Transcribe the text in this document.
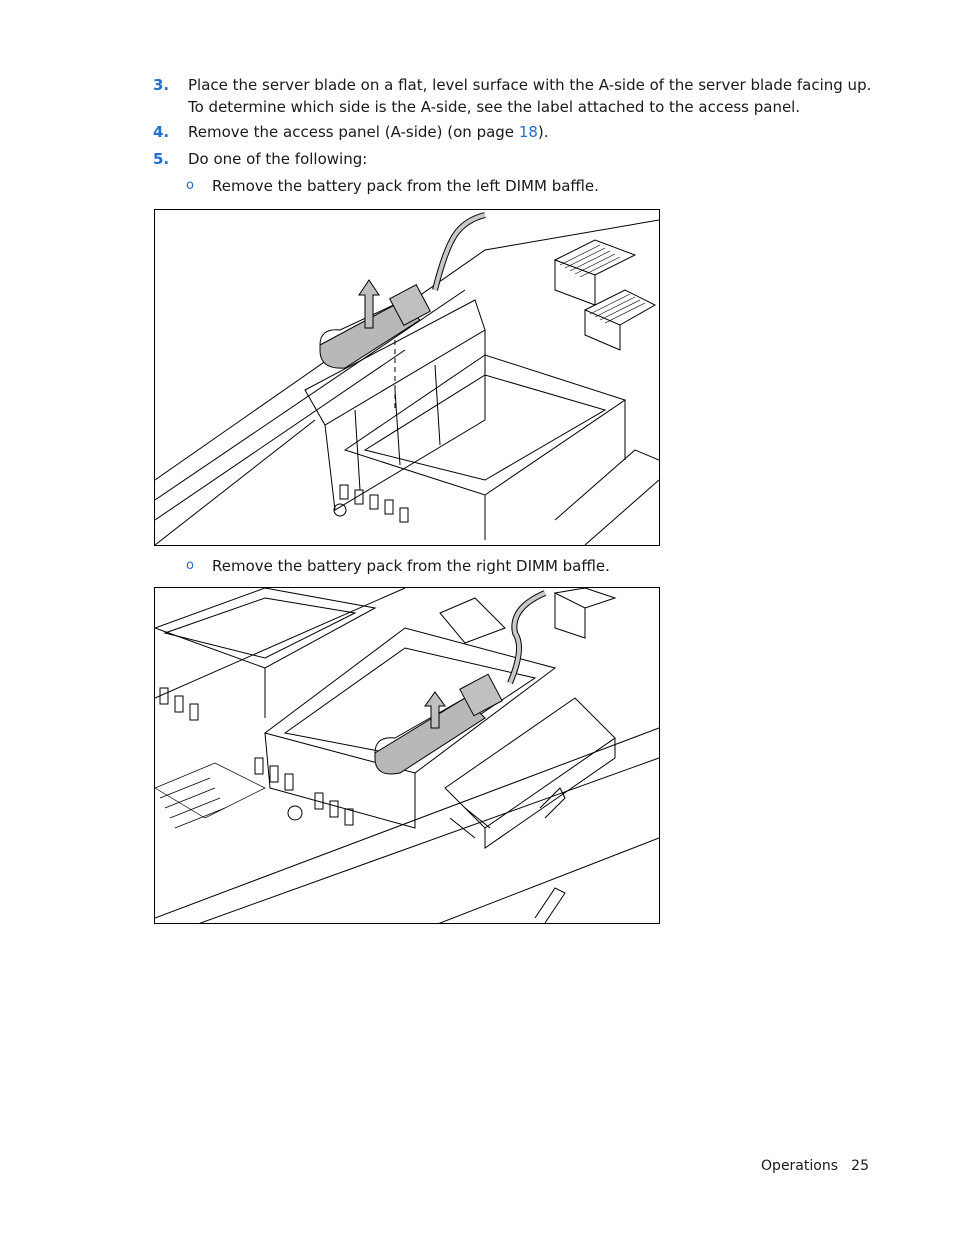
3. Place the server blade on a flat, level surface with the A-side of the server blade facing up. To determine which side is the A-side, see the label attached to the access panel.
4. Remove the access panel (A-side) (on page 18).
5. Do one of the following:
o Remove the battery pack from the left DIMM baffle.
o Remove the battery pack from the right DIMM baffle.
Operations 25
